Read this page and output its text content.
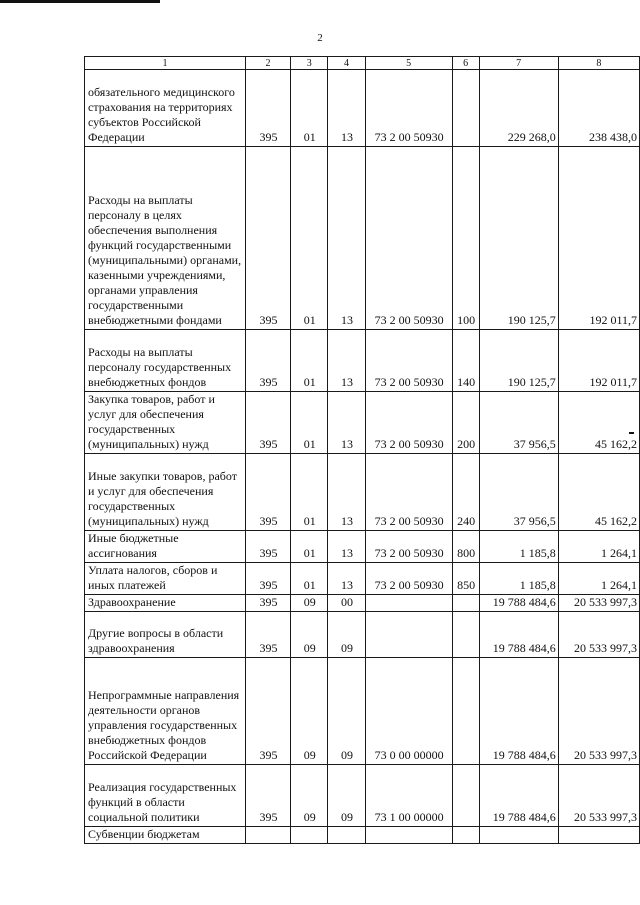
2
1	2	3	4	5	6	7	8
обязательного медицинского страхования на территориях субъектов Российской Федерации	395	01	13	73 2 00 50930		229 268,0	238 438,0
Расходы на выплаты персоналу в целях обеспечения выполнения функций государственными (муниципальными) органами, казенными учреждениями, органами управления государственными внебюджетными фондами	395	01	13	73 2 00 50930	100	190 125,7	192 011,7
Расходы на выплаты персоналу государственных внебюджетных фондов	395	01	13	73 2 00 50930	140	190 125,7	192 011,7
Закупка товаров, работ и услуг для обеспечения государственных (муниципальных) нужд	395	01	13	73 2 00 50930	200	37 956,5	45 162,2
Иные закупки товаров, работ и услуг для обеспечения государственных (муниципальных) нужд	395	01	13	73 2 00 50930	240	37 956,5	45 162,2
Иные бюджетные ассигнования	395	01	13	73 2 00 50930	800	1 185,8	1 264,1
Уплата налогов, сборов и иных платежей	395	01	13	73 2 00 50930	850	1 185,8	1 264,1
Здравоохранение	395	09	00			19 788 484,6	20 533 997,3
Другие вопросы в области здравоохранения	395	09	09			19 788 484,6	20 533 997,3
Непрограммные направления деятельности органов управления государственных внебюджетных фондов Российской Федерации	395	09	09	73 0 00 00000		19 788 484,6	20 533 997,3
Реализация государственных функций в области социальной политики	395	09	09	73 1 00 00000		19 788 484,6	20 533 997,3
Субвенции бюджетам							
